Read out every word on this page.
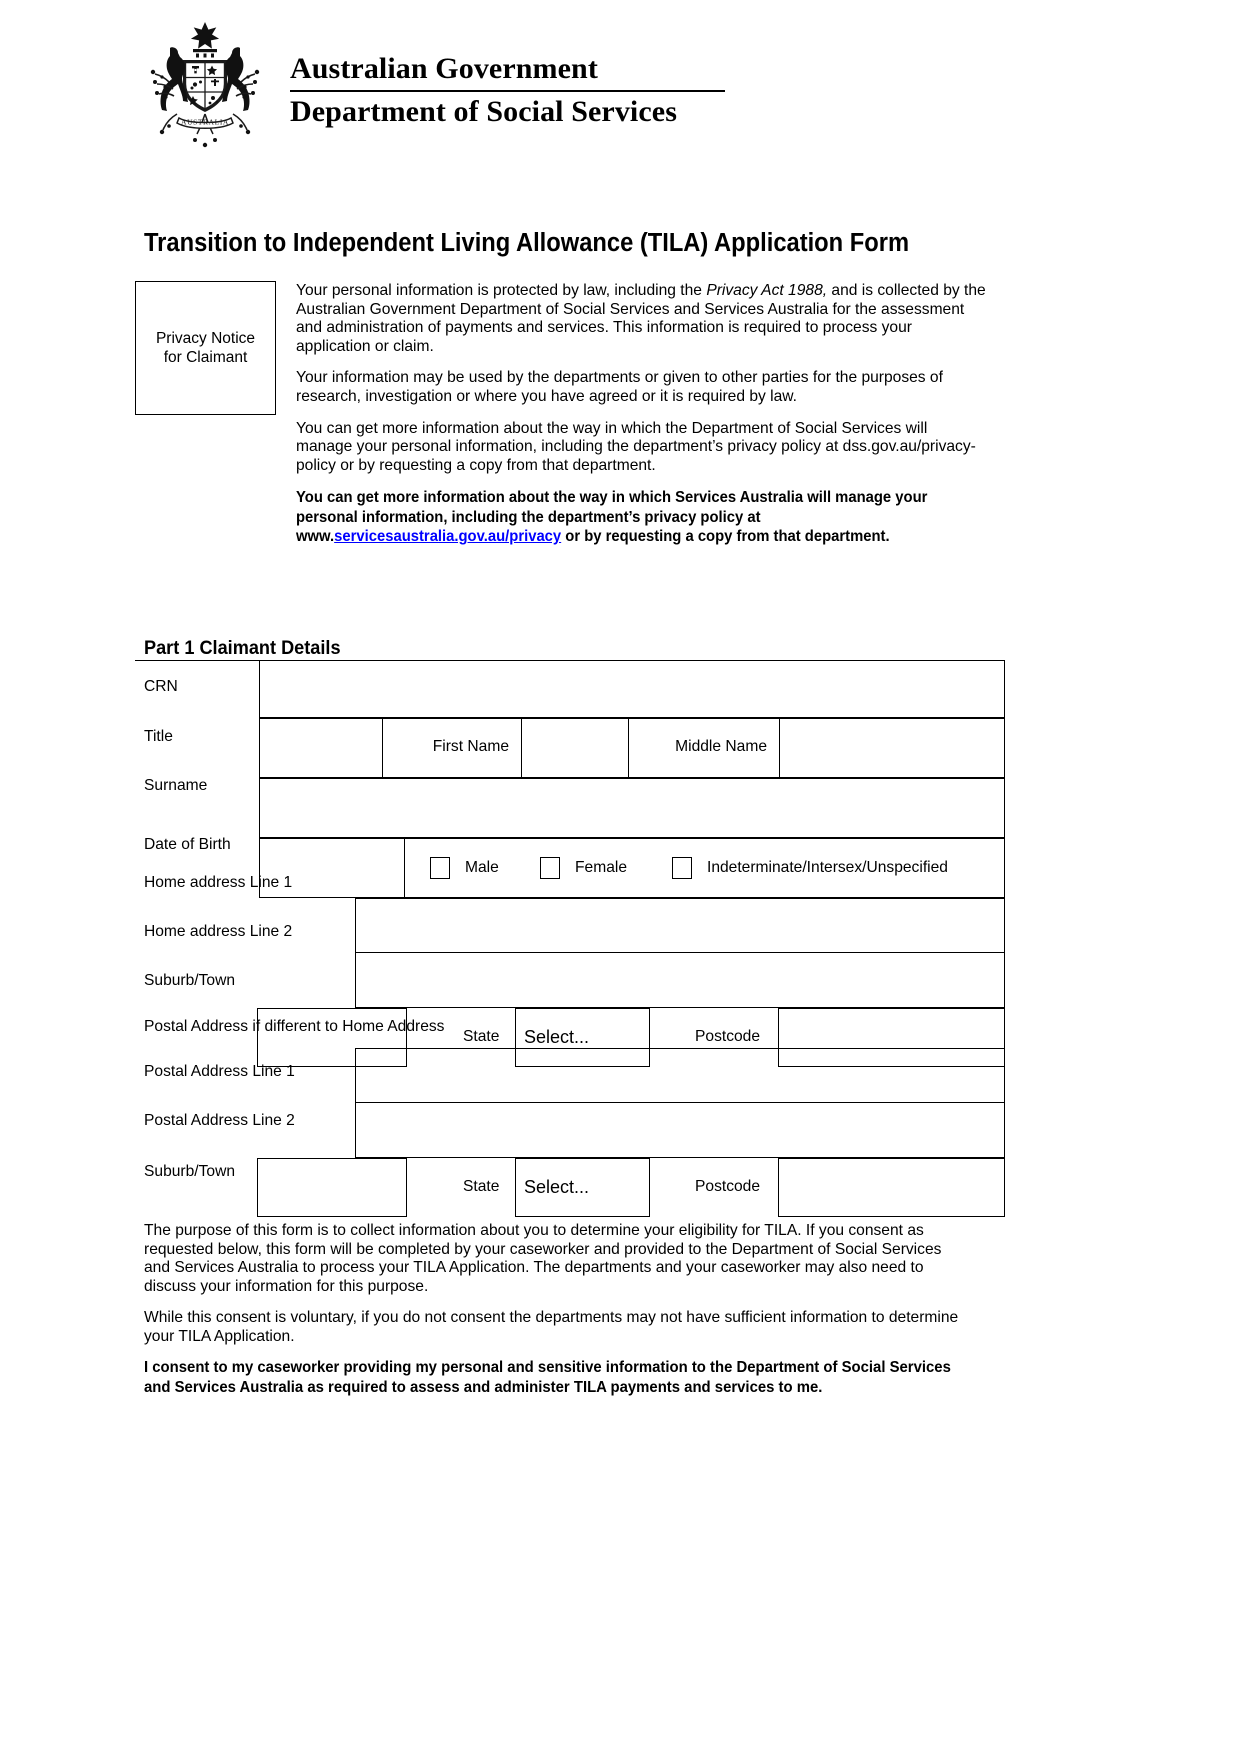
AUSTRALIA
Australian Government
Department of Social Services
Transition to Independent Living Allowance (TILA) Application Form
Privacy Notice
for Claimant

Your personal information is protected by law, including the Privacy Act 1988, and is collected by the Australian Government Department of Social Services and Services Australia for the assessment and administration of payments and services. This information is required to process your application or claim.

Your information may be used by the departments or given to other parties for the purposes of research, investigation or where you have agreed or it is required by law.

You can get more information about the way in which the Department of Social Services will manage your personal information, including the department’s privacy policy at dss.gov.au/privacy-policy or by requesting a copy from that department.

You can get more information about the way in which Services Australia will manage your personal information, including the department’s privacy policy at www.servicesaustralia.gov.au/privacy or by requesting a copy from that department.

Part 1 Claimant Details
CRN
Title
First Name	Middle Name
Surname
Date of Birth
Male	Female	Indeterminate/Intersex/Unspecified
Home address Line 1
Home address Line 2
Suburb/Town
State Select...	Postcode
Postal Address if different to Home Address
Postal Address Line 1
Postal Address Line 2
Suburb/Town
State Select...	Postcode

The purpose of this form is to collect information about you to determine your eligibility for TILA. If you consent as requested below, this form will be completed by your caseworker and provided to the Department of Social Services and Services Australia to process your TILA Application. The departments and your caseworker may also need to discuss your information for this purpose.

While this consent is voluntary, if you do not consent the departments may not have sufficient information to determine your TILA Application.

I consent to my caseworker providing my personal and sensitive information to the Department of Social Services and Services Australia as required to assess and administer TILA payments and services to me.
